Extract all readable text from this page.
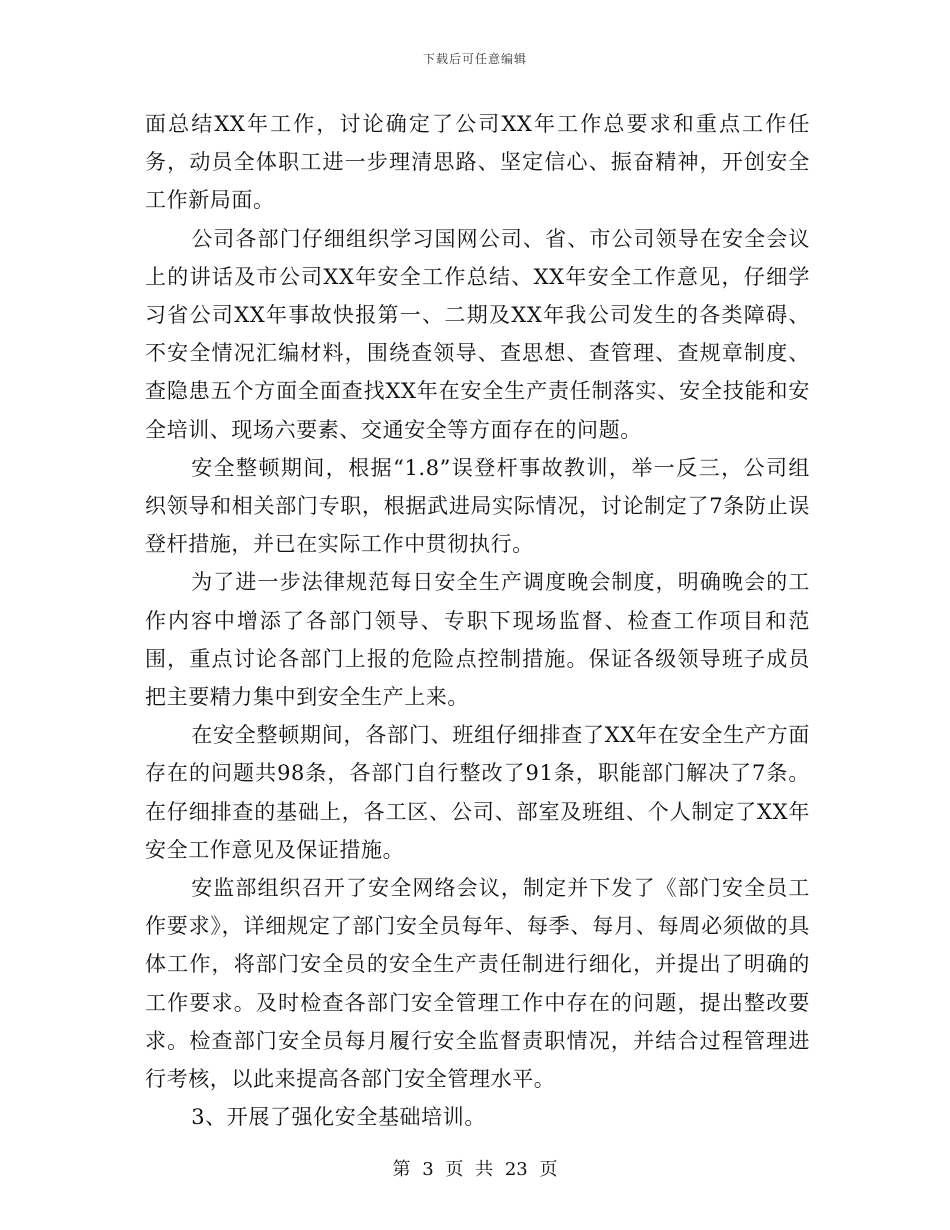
下载后可任意编辑

面总结XX年工作，讨论确定了公司XX年工作总要求和重点工作任务，动员全体职工进一步理清思路、坚定信心、振奋精神，开创安全工作新局面。

公司各部门仔细组织学习国网公司、省、市公司领导在安全会议上的讲话及市公司XX年安全工作总结、XX年安全工作意见，仔细学习省公司XX年事故快报第一、二期及XX年我公司发生的各类障碍、不安全情况汇编材料，围绕查领导、查思想、查管理、查规章制度、查隐患五个方面全面查找XX年在安全生产责任制落实、安全技能和安全培训、现场六要素、交通安全等方面存在的问题。

安全整顿期间，根据“1.8”误登杆事故教训，举一反三，公司组织领导和相关部门专职，根据武进局实际情况，讨论制定了7条防止误登杆措施，并已在实际工作中贯彻执行。

为了进一步法律规范每日安全生产调度晚会制度，明确晚会的工作内容中增添了各部门领导、专职下现场监督、检查工作项目和范围，重点讨论各部门上报的危险点控制措施。保证各级领导班子成员把主要精力集中到安全生产上来。

在安全整顿期间，各部门、班组仔细排查了XX年在安全生产方面存在的问题共98条，各部门自行整改了91条，职能部门解决了7条。在仔细排查的基础上，各工区、公司、部室及班组、个人制定了XX年安全工作意见及保证措施。

安监部组织召开了安全网络会议，制定并下发了《部门安全员工作要求》，详细规定了部门安全员每年、每季、每月、每周必须做的具体工作，将部门安全员的安全生产责任制进行细化，并提出了明确的工作要求。及时检查各部门安全管理工作中存在的问题，提出整改要求。检查部门安全员每月履行安全监督责职情况，并结合过程管理进行考核，以此来提高各部门安全管理水平。

3、开展了强化安全基础培训。

第 3 页 共 23 页
